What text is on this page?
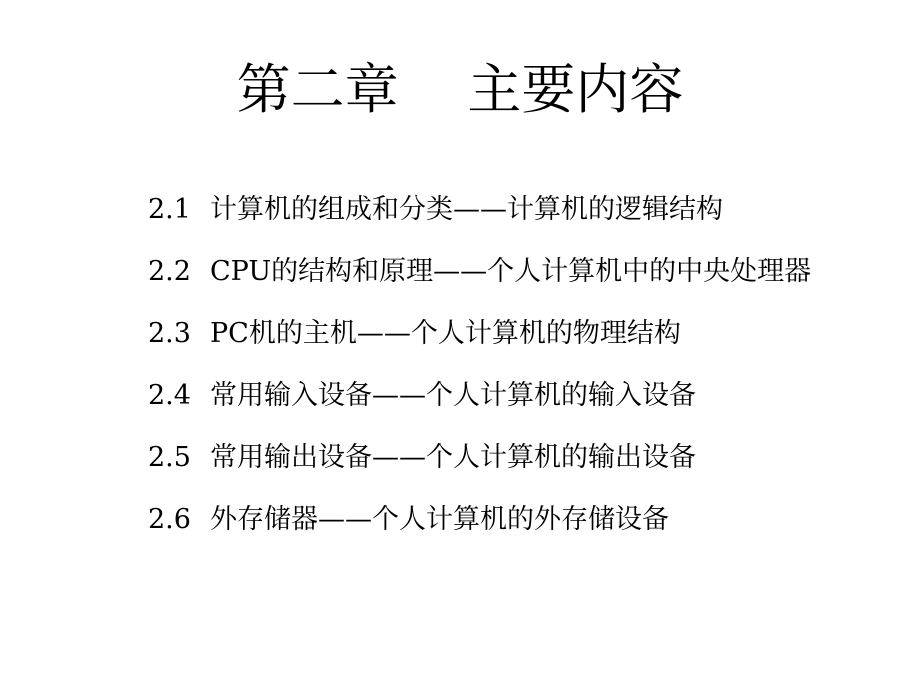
第二章    主要内容
2.1 计算机的组成和分类——计算机的逻辑结构
2.2 CPU的结构和原理——个人计算机中的中央处理器
2.3 PC机的主机——个人计算机的物理结构
2.4 常用输入设备——个人计算机的输入设备
2.5 常用输出设备——个人计算机的输出设备
2.6 外存储器——个人计算机的外存储设备
